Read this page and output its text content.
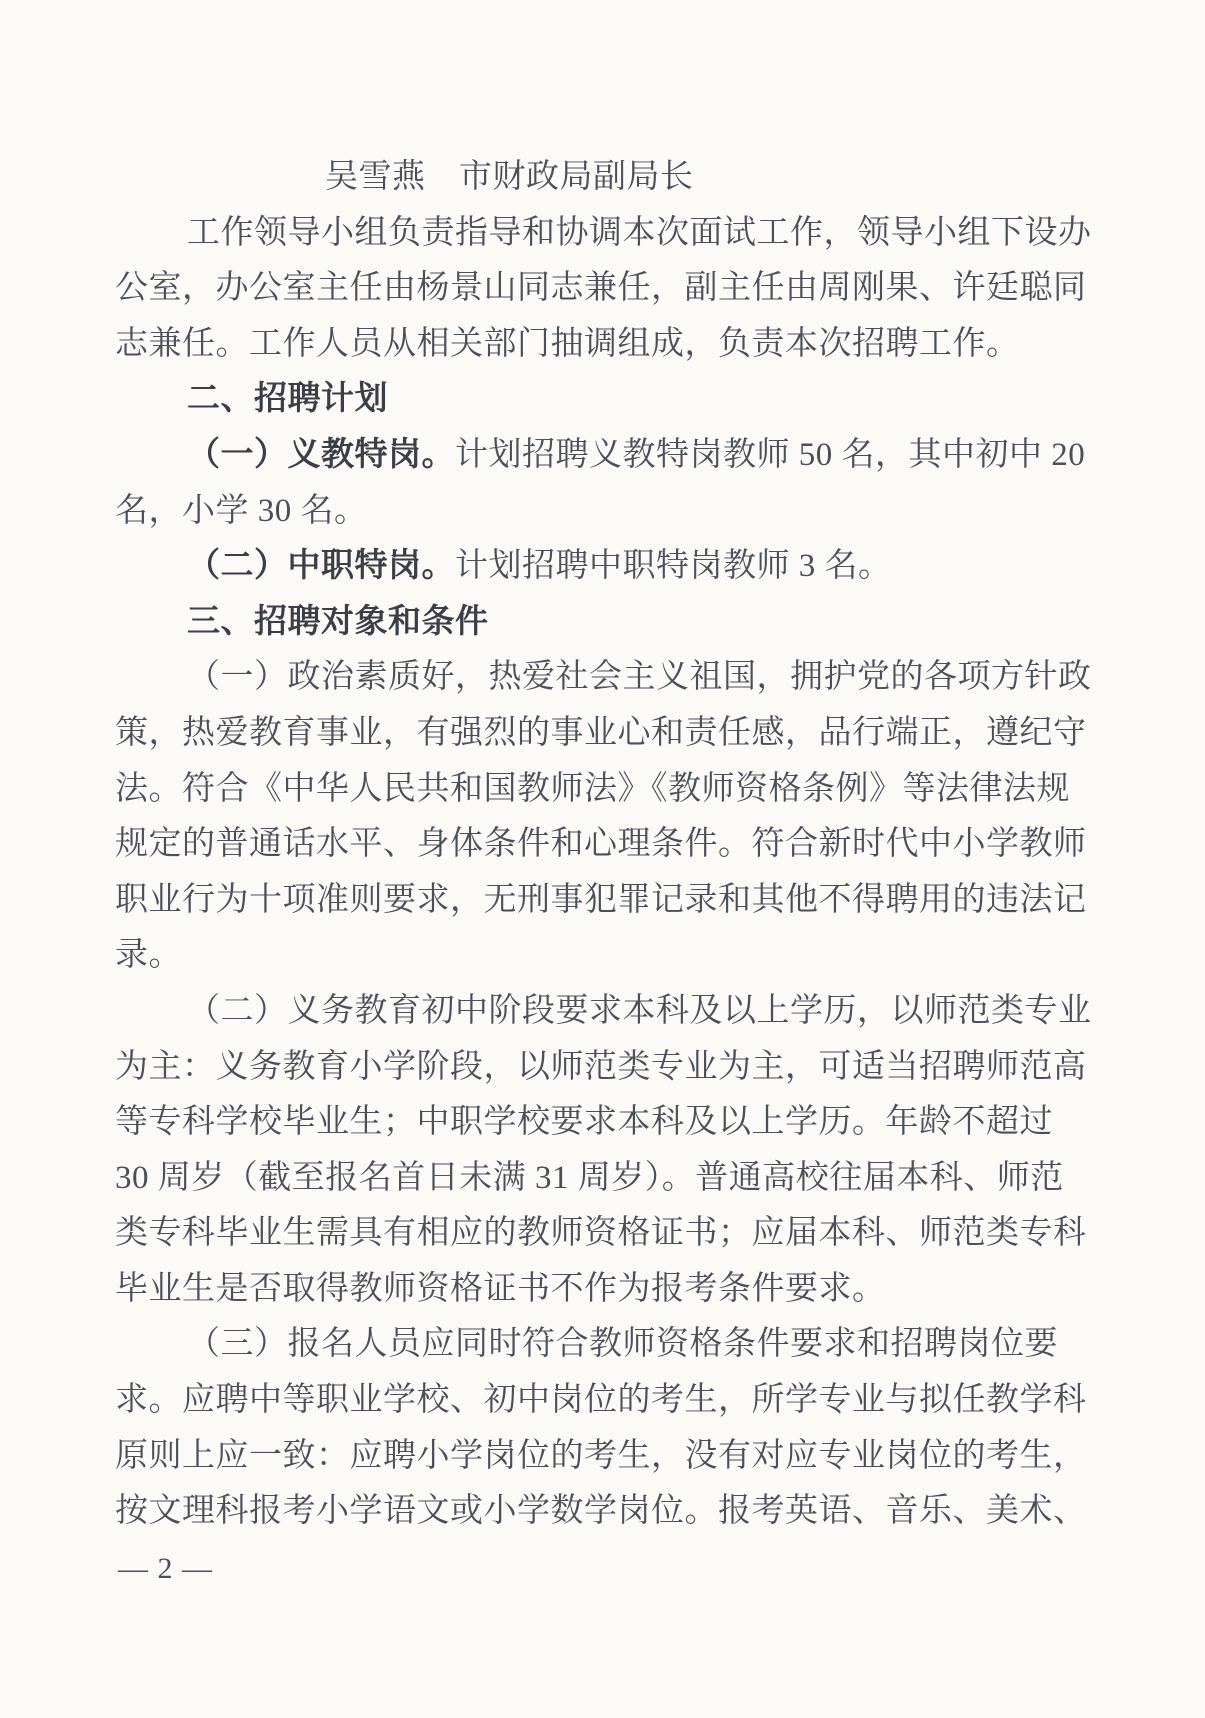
吴雪燕　市财政局副局长
工作领导小组负责指导和协调本次面试工作，领导小组下设办
公室，办公室主任由杨景山同志兼任，副主任由周刚果、许廷聪同
志兼任。工作人员从相关部门抽调组成，负责本次招聘工作。
二、招聘计划
（一）义教特岗。计划招聘义教特岗教师 50 名，其中初中 20
名，小学 30 名。
（二）中职特岗。计划招聘中职特岗教师 3 名。
三、招聘对象和条件
（一）政治素质好，热爱社会主义祖国，拥护党的各项方针政
策，热爱教育事业，有强烈的事业心和责任感，品行端正，遵纪守
法。符合《中华人民共和国教师法》《教师资格条例》等法律法规
规定的普通话水平、身体条件和心理条件。符合新时代中小学教师
职业行为十项准则要求，无刑事犯罪记录和其他不得聘用的违法记
录。
（二）义务教育初中阶段要求本科及以上学历，以师范类专业
为主：义务教育小学阶段，以师范类专业为主，可适当招聘师范高
等专科学校毕业生；中职学校要求本科及以上学历。年龄不超过
30 周岁（截至报名首日未满 31 周岁）。普通高校往届本科、师范
类专科毕业生需具有相应的教师资格证书；应届本科、师范类专科
毕业生是否取得教师资格证书不作为报考条件要求。
（三）报名人员应同时符合教师资格条件要求和招聘岗位要
求。应聘中等职业学校、初中岗位的考生，所学专业与拟任教学科
原则上应一致：应聘小学岗位的考生，没有对应专业岗位的考生，
按文理科报考小学语文或小学数学岗位。报考英语、音乐、美术、
— 2 —
